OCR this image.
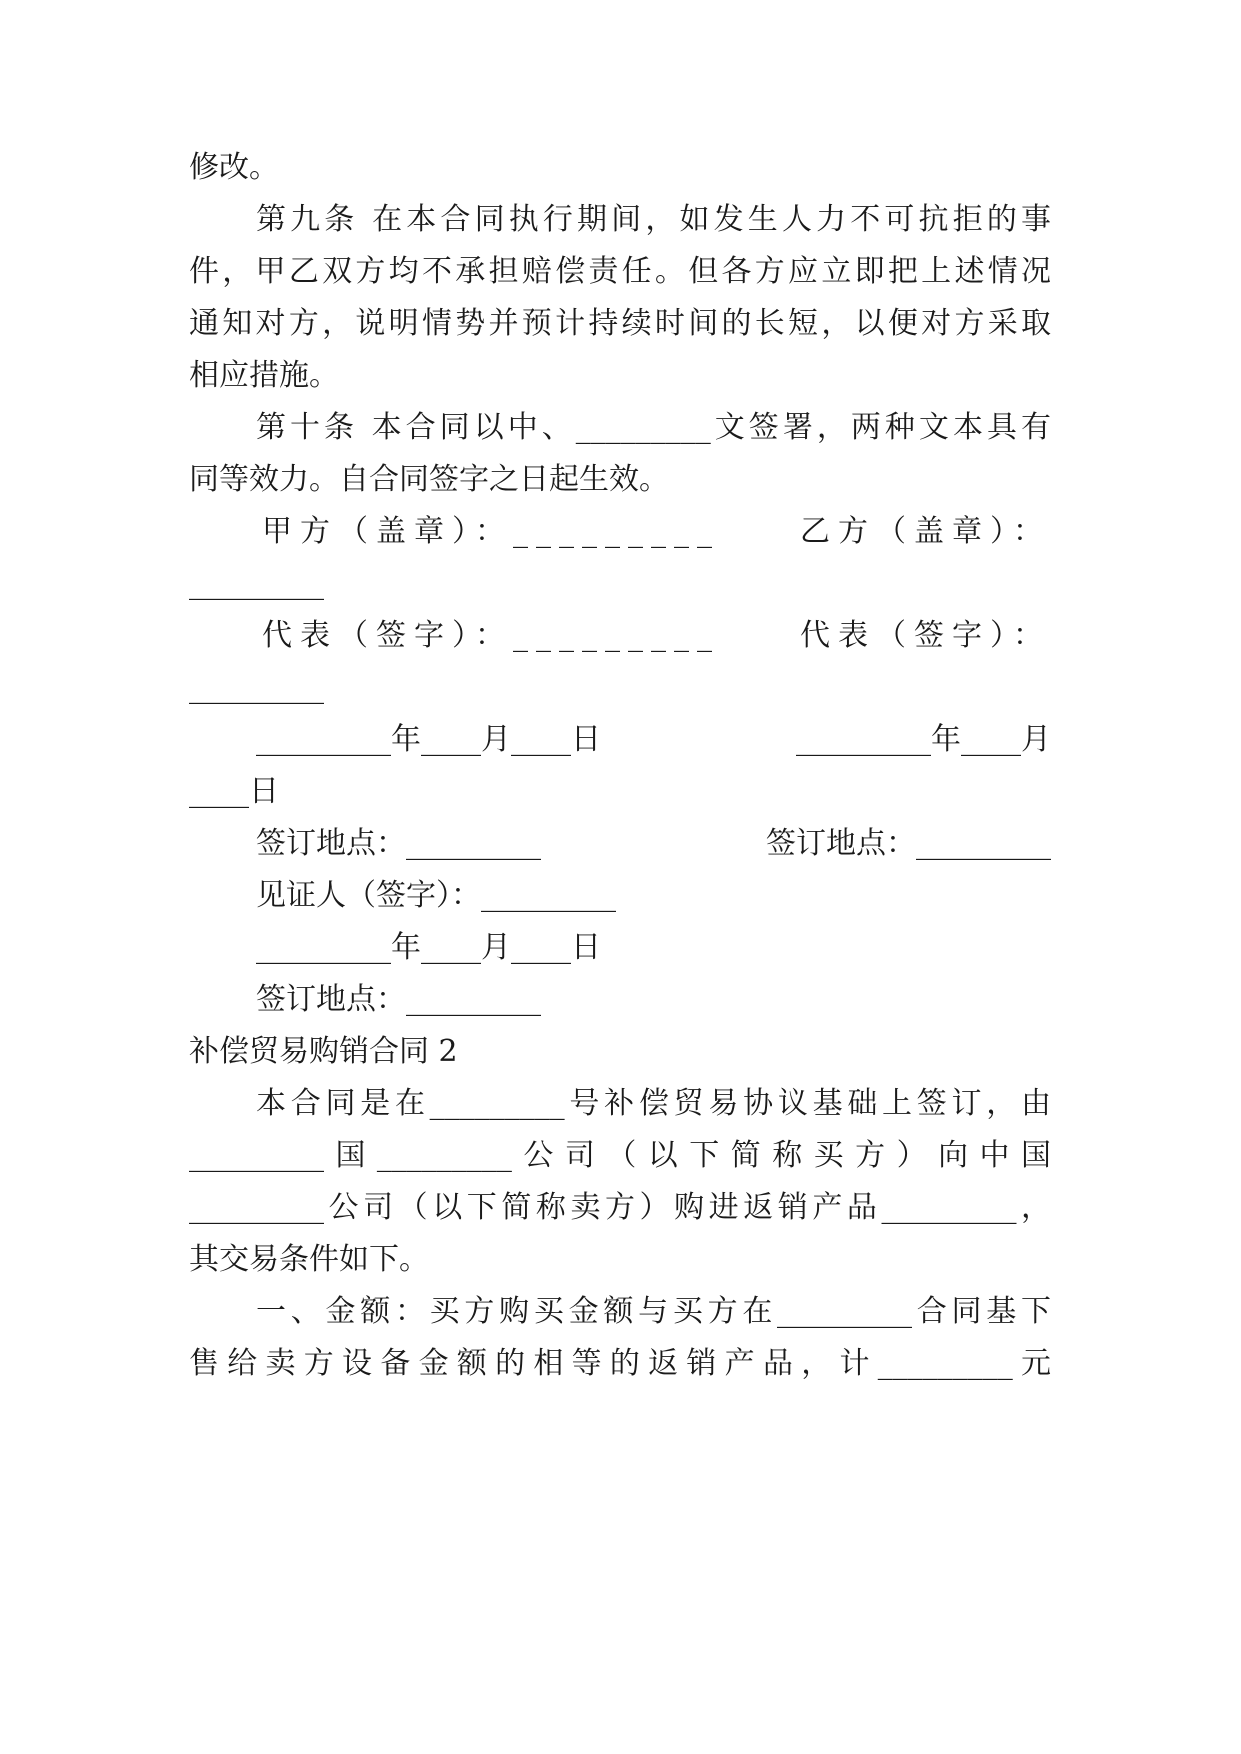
修改。

第九条 在本合同执行期间，如发生人力不可抗拒的事

件，甲乙双方均不承担赔偿责任。但各方应立即把上述情况

通知对方，说明情势并预计持续时间的长短，以便对方采取

相应措施。

第十条 本合同以中、_________文签署，两种文本具有

同等效力。自合同签字之日起生效。

甲方（盖章）：_________	乙方（盖章）：

_________

代表（签字）：_________	代表（签字）：

_________

_________年____月____日	_________年____月

____日

签订地点：_________	签订地点：_________

见证人（签字）：_________

_________年____月____日

签订地点：_________

补偿贸易购销合同 2

本合同是在_________号补偿贸易协议基础上签订，由

_________国_________公司（以下简称买方）向中国

_________公司（以下简称卖方）购进返销产品_________，

其交易条件如下。

一、金额：买方购买金额与买方在_________合同基下

售给卖方设备金额的相等的返销产品，计_________元
